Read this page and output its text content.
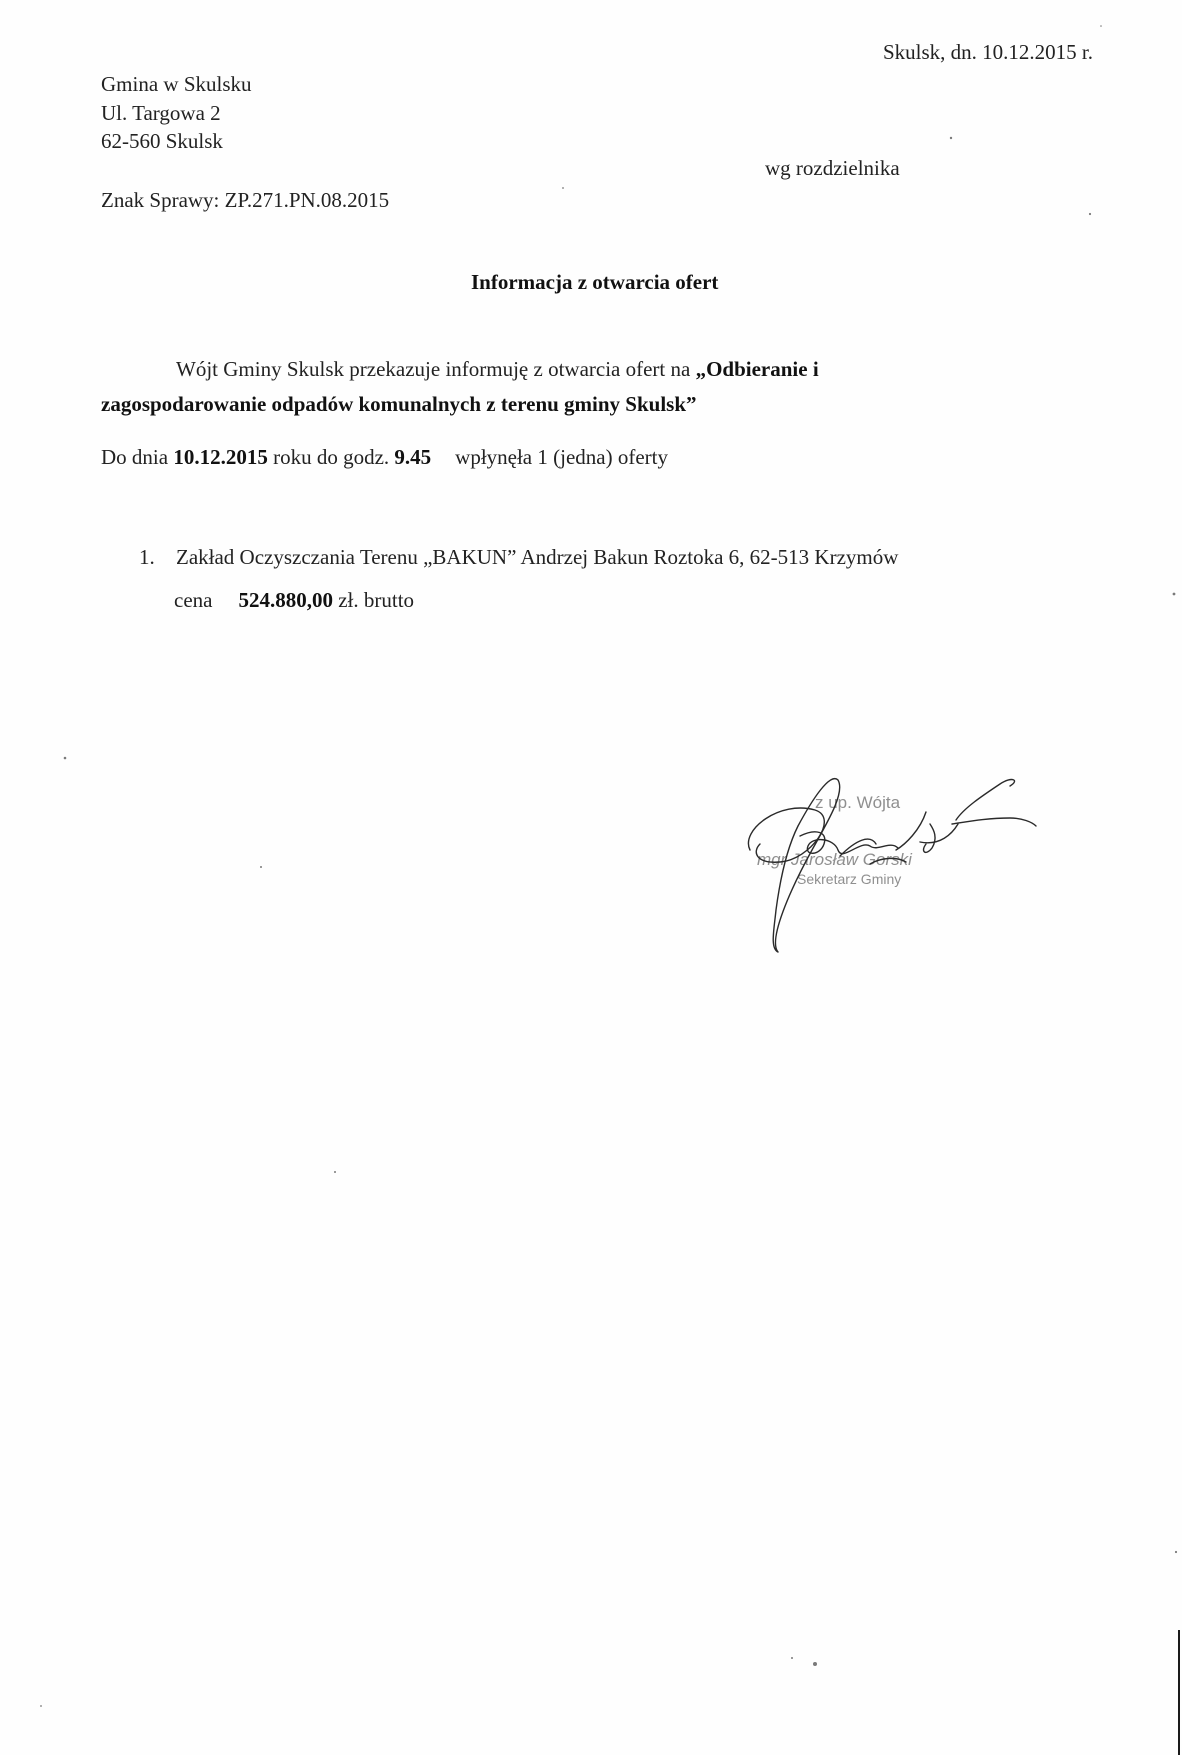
Skulsk, dn. 10.12.2015 r.
Gmina w Skulsku
Ul. Targowa 2
62-560 Skulsk
wg rozdzielnika
Znak Sprawy: ZP.271.PN.08.2015
Informacja z otwarcia ofert
Wójt Gminy Skulsk przekazuje informuję z otwarcia ofert na „Odbieranie i
zagospodarowanie odpadów komunalnych z terenu gminy Skulsk”
Do dnia 10.12.2015 roku do godz. 9.45 wpłynęła 1 (jedna) oferty
1. Zakład Oczyszczania Terenu „BAKUN” Andrzej Bakun Roztoka 6, 62-513 Krzymów
cena 524.880,00 zł. brutto
z up. Wójta
mgr Jarosław Gorski
Sekretarz Gminy
